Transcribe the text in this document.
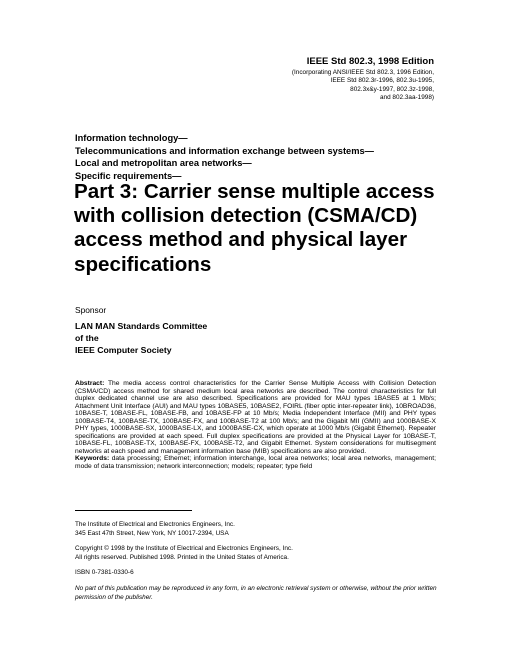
IEEE Std 802.3, 1998 Edition
(Incorporating ANSI/IEEE Std 802.3, 1996 Edition,
IEEE Std 802.3r-1996, 802.3u-1995,
802.3x&y-1997, 802.3z-1998,
and 802.3aa-1998)
Information technology—
Telecommunications and information exchange between systems—
Local and metropolitan area networks—
Specific requirements—
Part 3: Carrier sense multiple access
with collision detection (CSMA/CD)
access method and physical layer
specifications
Sponsor
LAN MAN Standards Committee
of the
IEEE Computer Society
Abstract: The media access control characteristics for the Carrier Sense Multiple Access with Collision Detection (CSMA/CD) access method for shared medium local area networks are described. The control characteristics for full duplex dedicated channel use are also described. Specifications are provided for MAU types 1BASE5 at 1 Mb/s; Attachment Unit Interface (AUI) and MAU types 10BASE5, 10BASE2, FOIRL (fiber optic inter-repeater link), 10BROAD36, 10BASE-T, 10BASE-FL, 10BASE-FB, and 10BASE-FP at 10 Mb/s; Media Independent Interface (MII) and PHY types 100BASE-T4, 100BASE-TX, 100BASE-FX, and 100BASE-T2 at 100 Mb/s; and the Gigabit MII (GMII) and 1000BASE-X PHY types, 1000BASE-SX, 1000BASE-LX, and 1000BASE-CX, which operate at 1000 Mb/s (Gigabit Ethernet). Repeater specifications are provided at each speed. Full duplex specifications are provided at the Physical Layer for 10BASE-T, 10BASE-FL, 100BASE-TX, 100BASE-FX, 100BASE-T2, and Gigabit Ethernet. System considerations for multisegment networks at each speed and management information base (MIB) specifications are also provided.
Keywords: data processing; Ethernet; information interchange, local area networks; local area networks, management; mode of data transmission; network interconnection; models; repeater; type field

The Institute of Electrical and Electronics Engineers, Inc.
345 East 47th Street, New York, NY 10017-2394, USA

Copyright © 1998 by the Institute of Electrical and Electronics Engineers, Inc.
All rights reserved. Published 1998. Printed in the United States of America.

ISBN 0-7381-0330-6

No part of this publication may be reproduced in any form, in an electronic retrieval system or otherwise, without the prior written permission of the publisher.
